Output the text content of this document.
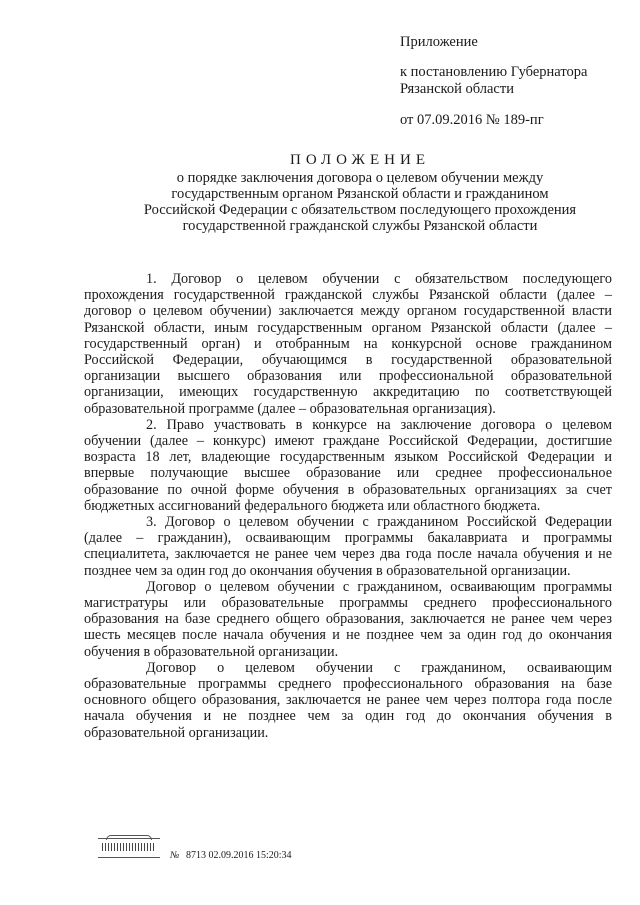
Приложение

к постановлению Губернатора

Рязанской области

от 07.09.2016 № 189-пг

ПОЛОЖЕНИЕ

о порядке заключения договора о целевом обучении между

государственным органом Рязанской области и гражданином

Российской Федерации с обязательством последующего прохождения

государственной гражданской службы Рязанской области

1. Договор о целевом обучении с обязательством последующего прохождения государственной гражданской службы Рязанской области (далее – договор о целевом обучении) заключается между органом государственной власти Рязанской области, иным государственным органом Рязанской области (далее – государственный орган) и отобранным на конкурсной основе гражданином Российской Федерации, обучающимся в государственной образовательной организации высшего образования или профессиональной образовательной организации, имеющих государственную аккредитацию по соответствующей образовательной программе (далее – образовательная организация).

2. Право участвовать в конкурсе на заключение договора о целевом обучении (далее – конкурс) имеют граждане Российской Федерации, достигшие возраста 18 лет, владеющие государственным языком Российской Федерации и впервые получающие высшее образование или среднее профессиональное образование по очной форме обучения в образовательных организациях за счет бюджетных ассигнований федерального бюджета или областного бюджета.

3. Договор о целевом обучении с гражданином Российской Федерации (далее – гражданин), осваивающим программы бакалавриата и программы специалитета, заключается не ранее чем через два года после начала обучения и не позднее чем за один год до окончания обучения в образовательной организации.

Договор о целевом обучении с гражданином, осваивающим программы магистратуры или образовательные программы среднего профессионального образования на базе среднего общего образования, заключается не ранее чем через шесть месяцев после начала обучения и не позднее чем за один год до окончания обучения в образовательной организации.

Договор о целевом обучении с гражданином, осваивающим образовательные программы среднего профессионального образования на базе основного общего образования, заключается не ранее чем через полтора года после начала обучения и не позднее чем за один год до окончания обучения в образовательной организации.

№ 8713 02.09.2016 15:20:34
